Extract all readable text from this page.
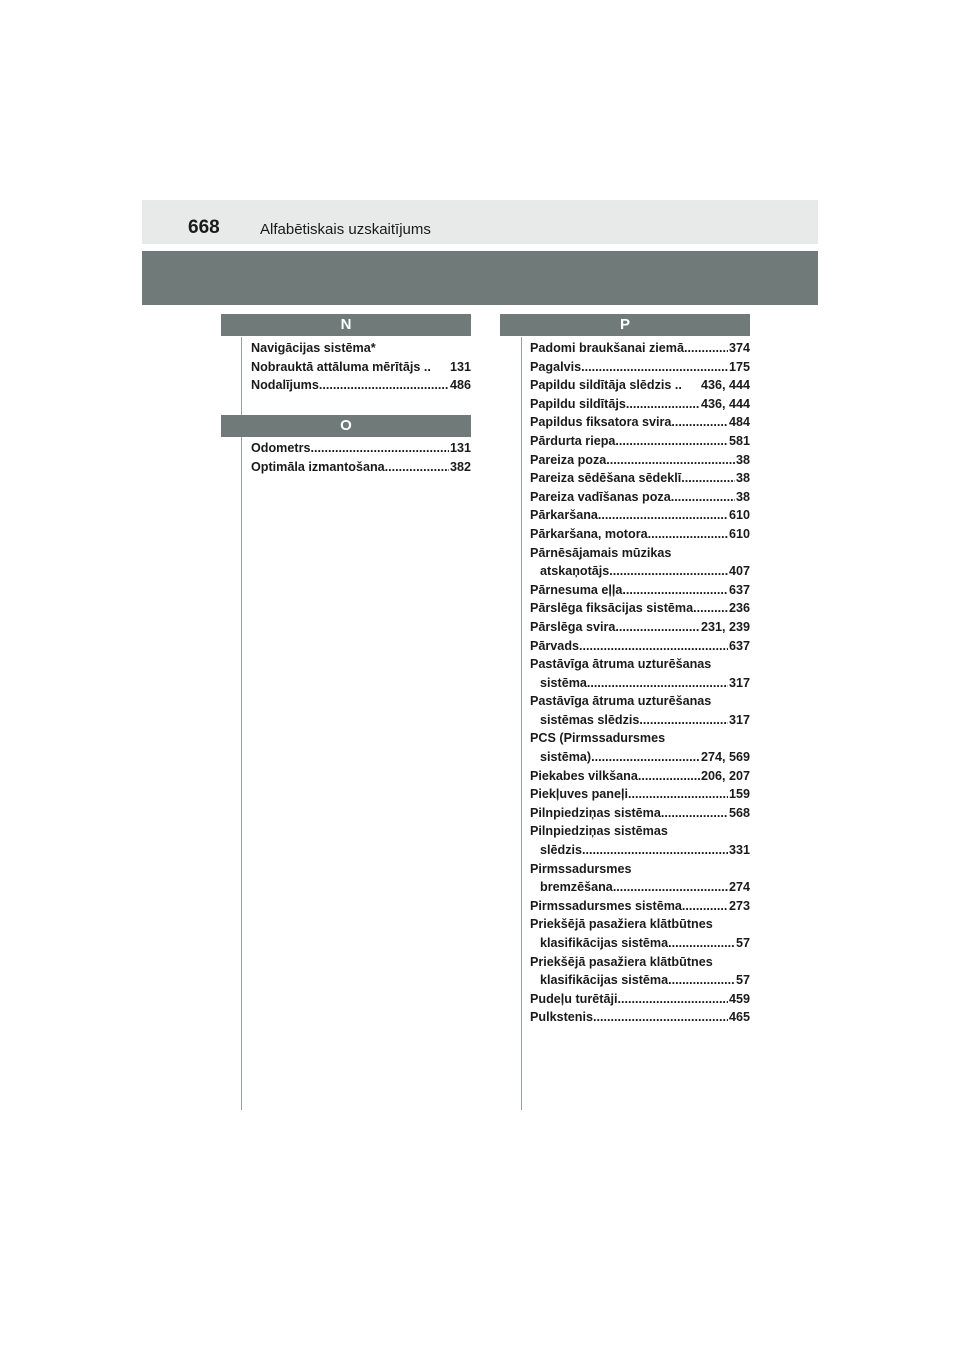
668	Alfabētiskais uzskaitījums
N
Navigācijas sistēma*
Nobrauktā attāluma mērītājs ..	131
Nodalījums .....	486
O
Odometrs .....	131
Optimāla izmantošana .....	382
P
Padomi braukšanai ziemā .....	374
Pagalvis .....	175
Papildu sildītāja slēdzis ..	436, 444
Papildu sildītājs .....	436, 444
Papildus fiksatora svira .....	484
Pārdurta riepa .....	581
Pareiza poza .....	38
Pareiza sēdēšana sēdeklī .....	38
Pareiza vadīšanas poza .....	38
Pārkaršana .....	610
Pārkaršana, motora .....	610
Pārnēsājamais mūzikas
atskaņotājs .....	407
Pārnesuma eļļa .....	637
Pārslēga fiksācijas sistēma .....	236
Pārslēga svira .....	231, 239
Pārvads .....	637
Pastāvīga ātruma uzturēšanas
sistēma .....	317
Pastāvīga ātruma uzturēšanas
sistēmas slēdzis .....	317
PCS (Pirmssadursmes
sistēma) .....	274, 569
Piekabes vilkšana .....	206, 207
Piekļuves paneļi .....	159
Pilnpiedziņas sistēma .....	568
Pilnpiedziņas sistēmas
slēdzis .....	331
Pirmssadursmes
bremzēšana .....	274
Pirmssadursmes sistēma .....	273
Priekšējā pasažiera klātbūtnes
klasifikācijas sistēma .....	57
Priekšējā pasažiera klātbūtnes
klasifikācijas sistēma .....	57
Pudeļu turētāji .....	459
Pulkstenis .....	465
